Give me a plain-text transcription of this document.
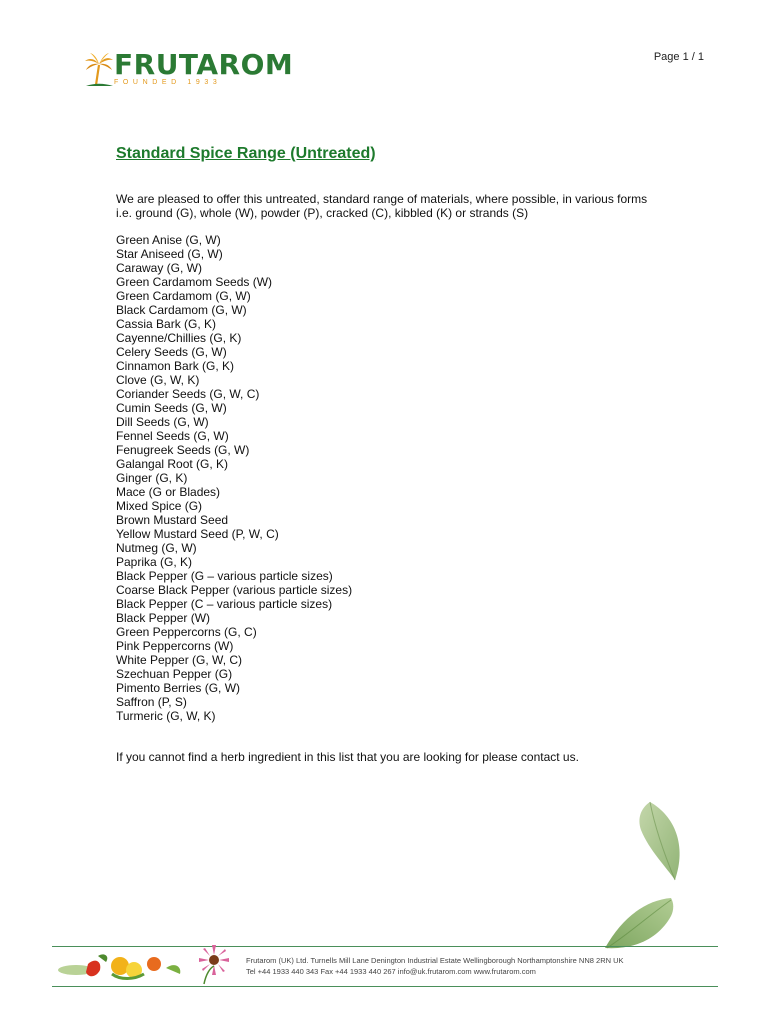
FRUTAROM
FOUNDED 1933
Page 1 / 1
Standard Spice Range (Untreated)
We are pleased to offer this untreated, standard range of materials, where possible, in various forms
i.e. ground (G), whole (W), powder (P), cracked (C), kibbled (K) or strands (S)
Green Anise (G, W)
Star Aniseed (G, W)
Caraway (G, W)
Green Cardamom Seeds (W)
Green Cardamom (G, W)
Black Cardamom (G, W)
Cassia Bark (G, K)
Cayenne/Chillies (G, K)
Celery Seeds (G, W)
Cinnamon Bark (G, K)
Clove (G, W, K)
Coriander Seeds (G, W, C)
Cumin Seeds (G, W)
Dill Seeds (G, W)
Fennel Seeds (G, W)
Fenugreek Seeds (G, W)
Galangal Root (G, K)
Ginger (G, K)
Mace (G or Blades)
Mixed Spice (G)
Brown Mustard Seed
Yellow Mustard Seed (P, W, C)
Nutmeg (G, W)
Paprika (G, K)
Black Pepper (G – various particle sizes)
Coarse Black Pepper (various particle sizes)
Black Pepper (C – various particle sizes)
Black Pepper (W)
Green Peppercorns (G, C)
Pink Peppercorns (W)
White Pepper (G, W, C)
Szechuan Pepper (G)
Pimento Berries (G, W)
Saffron (P, S)
Turmeric (G, W, K)

If you cannot find a herb ingredient in this list that you are looking for please contact us.

Frutarom (UK) Ltd. Turnells Mill Lane Denington Industrial Estate Wellingborough Northamptonshire NN8 2RN UK
Tel +44 1933 440 343 Fax +44 1933 440 267 info@uk.frutarom.com www.frutarom.com
